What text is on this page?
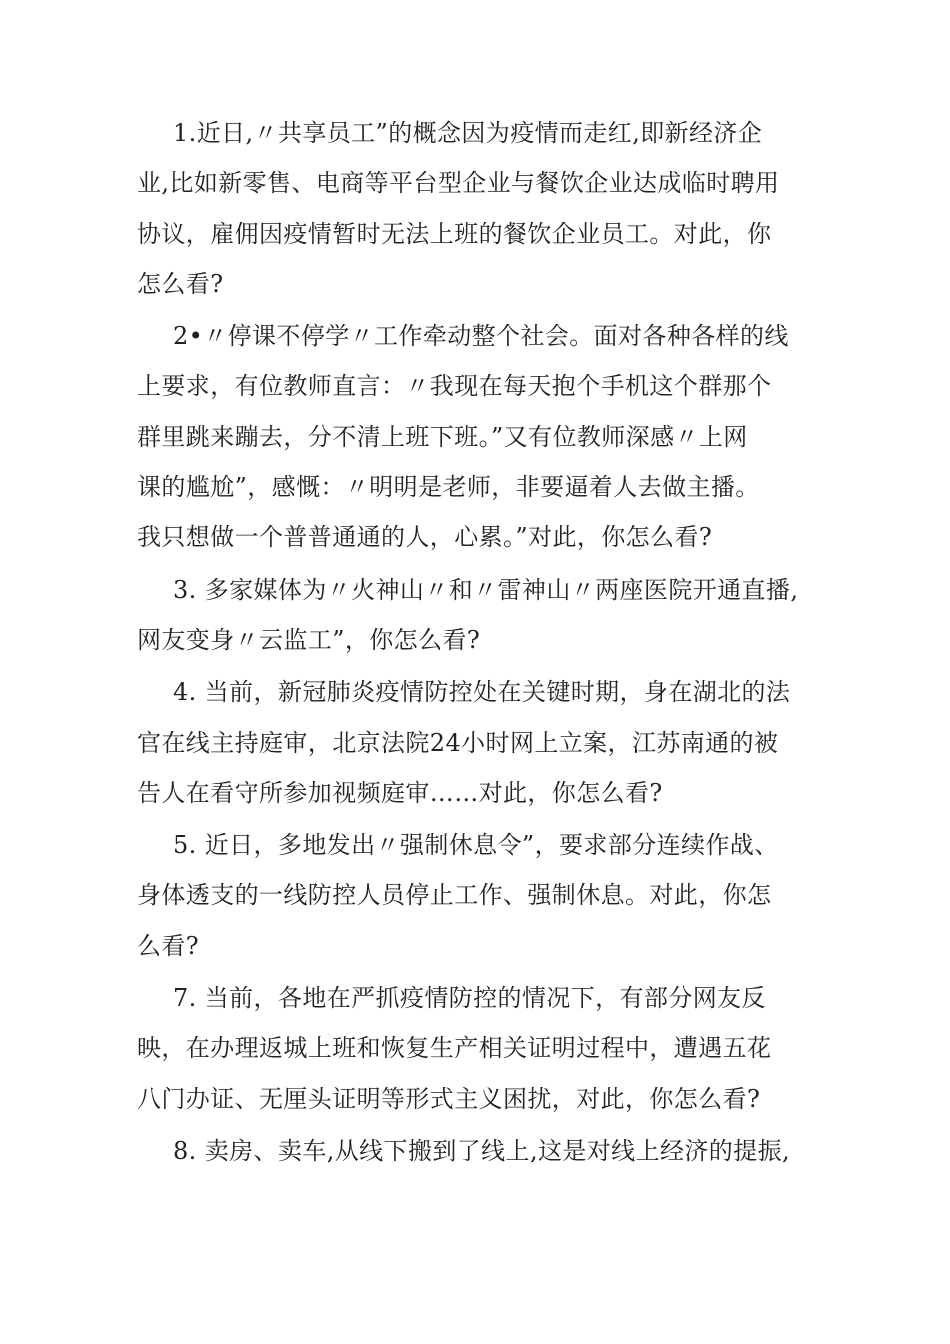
1.近日,〃共享员工”的概念因为疫情而走红,即新经济企
业,比如新零售、电商等平台型企业与餐饮企业达成临时聘用
协议，雇佣因疫情暂时无法上班的餐饮企业员工。对此，你
怎么看?

2•〃停课不停学〃工作牵动整个社会。面对各种各样的线
上要求，有位教师直言：〃我现在每天抱个手机这个群那个
群里跳来蹦去，分不清上班下班。”又有位教师深感〃上网
课的尴尬”，感慨：〃明明是老师，非要逼着人去做主播。
我只想做一个普普通通的人，心累。”对此，你怎么看?

3. 多家媒体为〃火神山〃和〃雷神山〃两座医院开通直播,
网友变身〃云监工”，你怎么看?

4. 当前，新冠肺炎疫情防控处在关键时期，身在湖北的法
官在线主持庭审，北京法院24小时网上立案，江苏南通的被
告人在看守所参加视频庭审……对此，你怎么看?

5. 近日，多地发出〃强制休息令”，要求部分连续作战、
身体透支的一线防控人员停止工作、强制休息。对此，你怎
么看?

7. 当前，各地在严抓疫情防控的情况下，有部分网友反
映，在办理返城上班和恢复生产相关证明过程中，遭遇五花
八门办证、无厘头证明等形式主义困扰，对此，你怎么看?

8. 卖房、卖车,从线下搬到了线上,这是对线上经济的提振,
